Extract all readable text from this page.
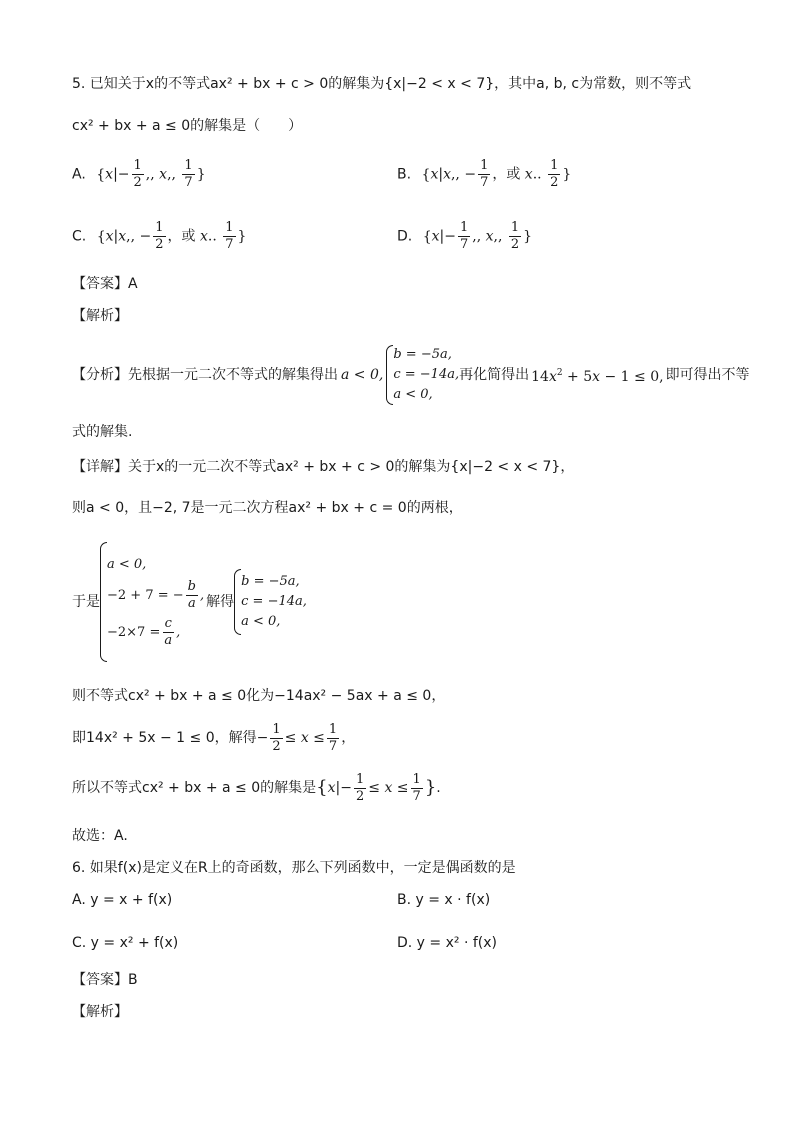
5. 已知关于x的不等式ax² + bx + c > 0的解集为{x|−2 < x < 7}，其中a, b, c为常数，则不等式
cx² + bx + a ≤ 0的解集是（　　）
A. {$x|- \frac{1}{2}$ ,, x,, $\frac{1}{7}$ }	B. {x|x,, − $\frac{1}{7}$ ，或 x.. $\frac{1}{2}$ }
C. {x|x,, − $\frac{1}{2}$ ，或 x.. $\frac{1}{7}$ }	D. {$x|- \frac{1}{7}$ ,, x,, $\frac{1}{2}$ }
【答案】A
【解析】
【分析】 先根据一元二次不等式的解集得出 a < 0,
b = −5a,
c = −14a,
a < 0,
再化简得出 $14x^2 + 5x - 1 \le 0$, 即可得出不等
式的解集.
【详解】关于x的一元二次不等式ax² + bx + c > 0的解集为{x|−2 < x < 7}，
则a < 0，且−2, 7是一元二次方程ax² + bx + c = 0的两根，
于是
a < 0,
−2 + 7 = − $\frac{b}{a}$ ,
$-2\times 7 = \frac{c}{a}$ ,
解得
b = −5a,
c = −14a,
a < 0,
则不等式cx² + bx + a ≤ 0化为−14ax² − 5ax + a ≤ 0，
即14x² + 5x − 1 ≤ 0，解得 − $\frac{1}{2} \le x \le \frac{1}{7}$ ，
所以不等式cx² + bx + a ≤ 0的解集是 { x | − $\frac{1}{2} \le x \le \frac{1}{7}$ } .
故选：A.
6. 如果f(x)是定义在R上的奇函数，那么下列函数中，一定是偶函数的是
A. y = x + f(x)	B. y = x · f(x)
C. y = x² + f(x)	D. y = x² · f(x)
【答案】B
【解析】
